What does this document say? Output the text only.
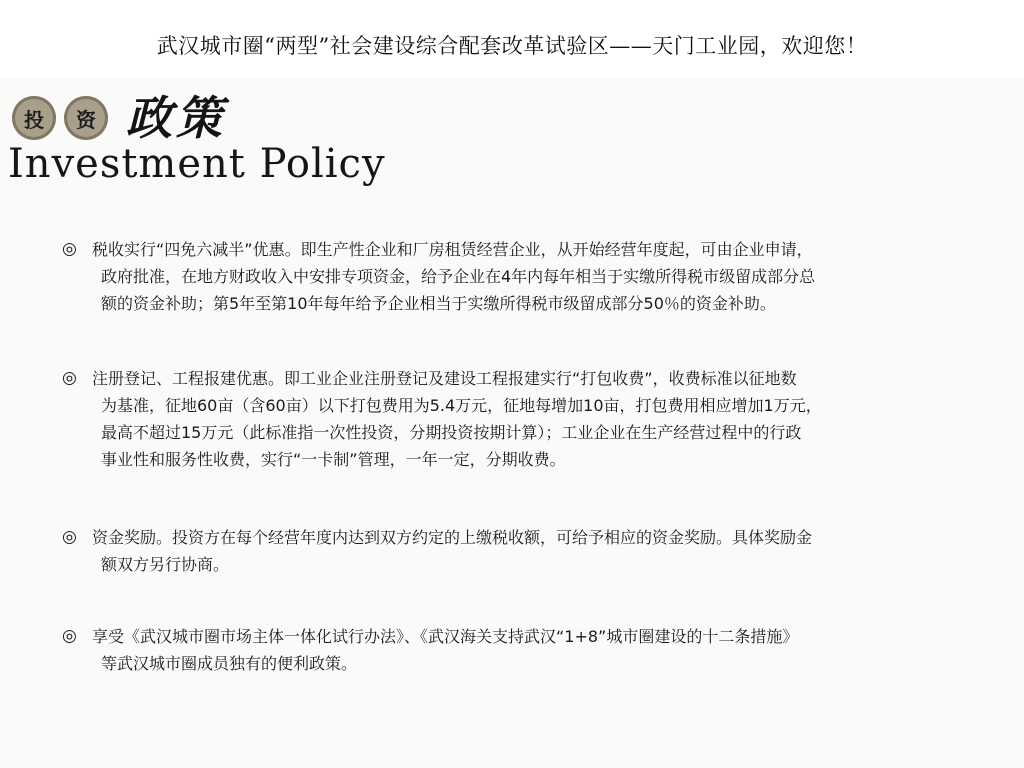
武汉城市圈“两型”社会建设综合配套改革试验区——天门工业园，欢迎您！
投	资 政策
Investment Policy
◎ 税收实行“四免六减半”优惠。即生产性企业和厂房租赁经营企业，从开始经营年度起，可由企业申请，
政府批准，在地方财政收入中安排专项资金，给予企业在4年内每年相当于实缴所得税市级留成部分总
额的资金补助；第5年至第10年每年给予企业相当于实缴所得税市级留成部分50％的资金补助。
◎ 注册登记、工程报建优惠。即工业企业注册登记及建设工程报建实行“打包收费”，收费标准以征地数
为基准，征地60亩（含60亩）以下打包费用为5.4万元，征地每增加10亩，打包费用相应增加1万元，
最高不超过15万元（此标准指一次性投资，分期投资按期计算）；工业企业在生产经营过程中的行政
事业性和服务性收费，实行“一卡制”管理，一年一定，分期收费。
◎ 资金奖励。投资方在每个经营年度内达到双方约定的上缴税收额，可给予相应的资金奖励。具体奖励金
额双方另行协商。
◎ 享受《武汉城市圈市场主体一体化试行办法》、《武汉海关支持武汉“1+8”城市圈建设的十二条措施》
等武汉城市圈成员独有的便利政策。
